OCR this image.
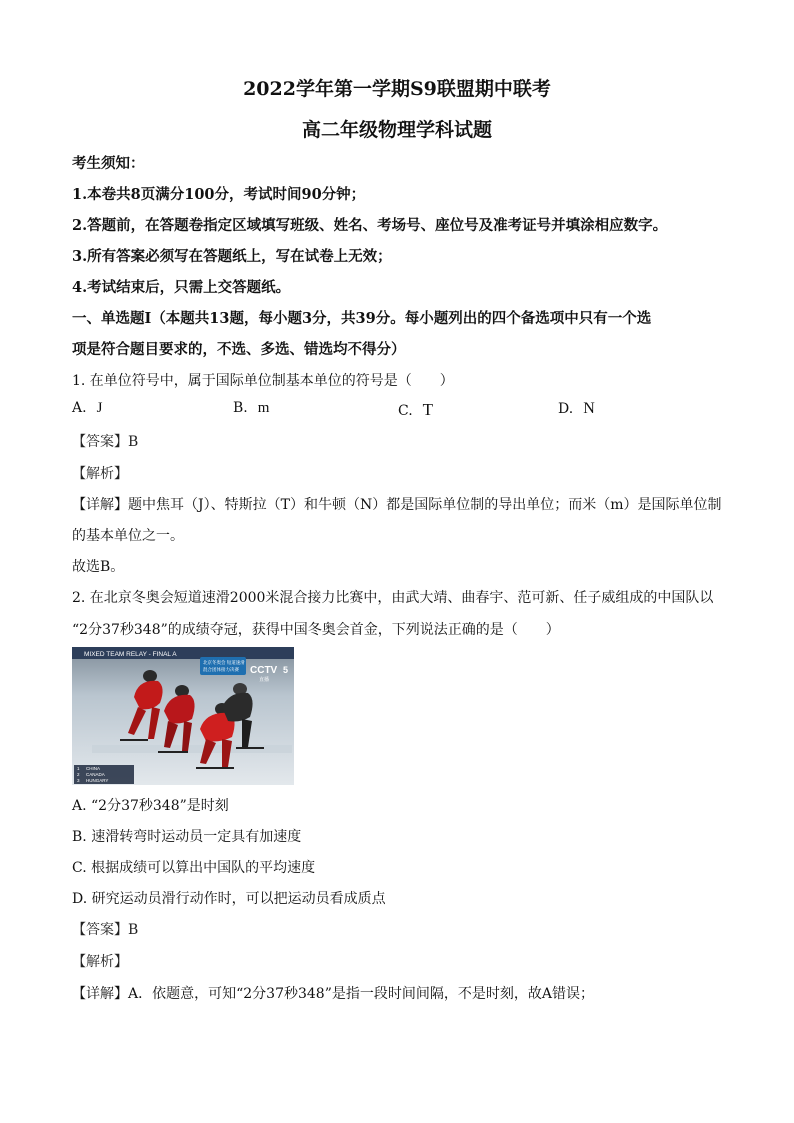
2022学年第一学期S9联盟期中联考
高二年级物理学科试题
考生须知：
1.本卷共8页满分100分，考试时间90分钟；
2.答题前，在答题卷指定区域填写班级、姓名、考场号、座位号及准考证号并填涂相应数字。
3.所有答案必须写在答题纸上，写在试卷上无效；
4.考试结束后，只需上交答题纸。
一、单选题Ⅰ（本题共13题，每小题3分，共39分。每小题列出的四个备选项中只有一个选
项是符合题目要求的，不选、多选、错选均不得分）
1. 在单位符号中，属于国际单位制基本单位的符号是（　　）
A. J	B. m	C. T	D. N
【答案】B
【解析】
【详解】题中焦耳（J）、特斯拉（T）和牛顿（N）都是国际单位制的导出单位；而米（m）是国际单位制
的基本单位之一。
故选B。
2. 在北京冬奥会短道速滑2000米混合接力比赛中，由武大靖、曲春宇、范可新、任子威组成的中国队以
“2分37秒348”的成绩夺冠，获得中国冬奥会首金，下列说法正确的是（　　）
MIXED TEAM RELAY - FINAL A
北京冬奥会 短道速滑
混合团体接力决赛 CCTV 5
直播
1 CHINA
2 CANADA
3 HUNGARY
A. “2分37秒348”是时刻
B. 速滑转弯时运动员一定具有加速度
C. 根据成绩可以算出中国队的平均速度
D. 研究运动员滑行动作时，可以把运动员看成质点
【答案】B
【解析】
【详解】A．依题意，可知“2分37秒348”是指一段时间间隔，不是时刻，故A错误；
